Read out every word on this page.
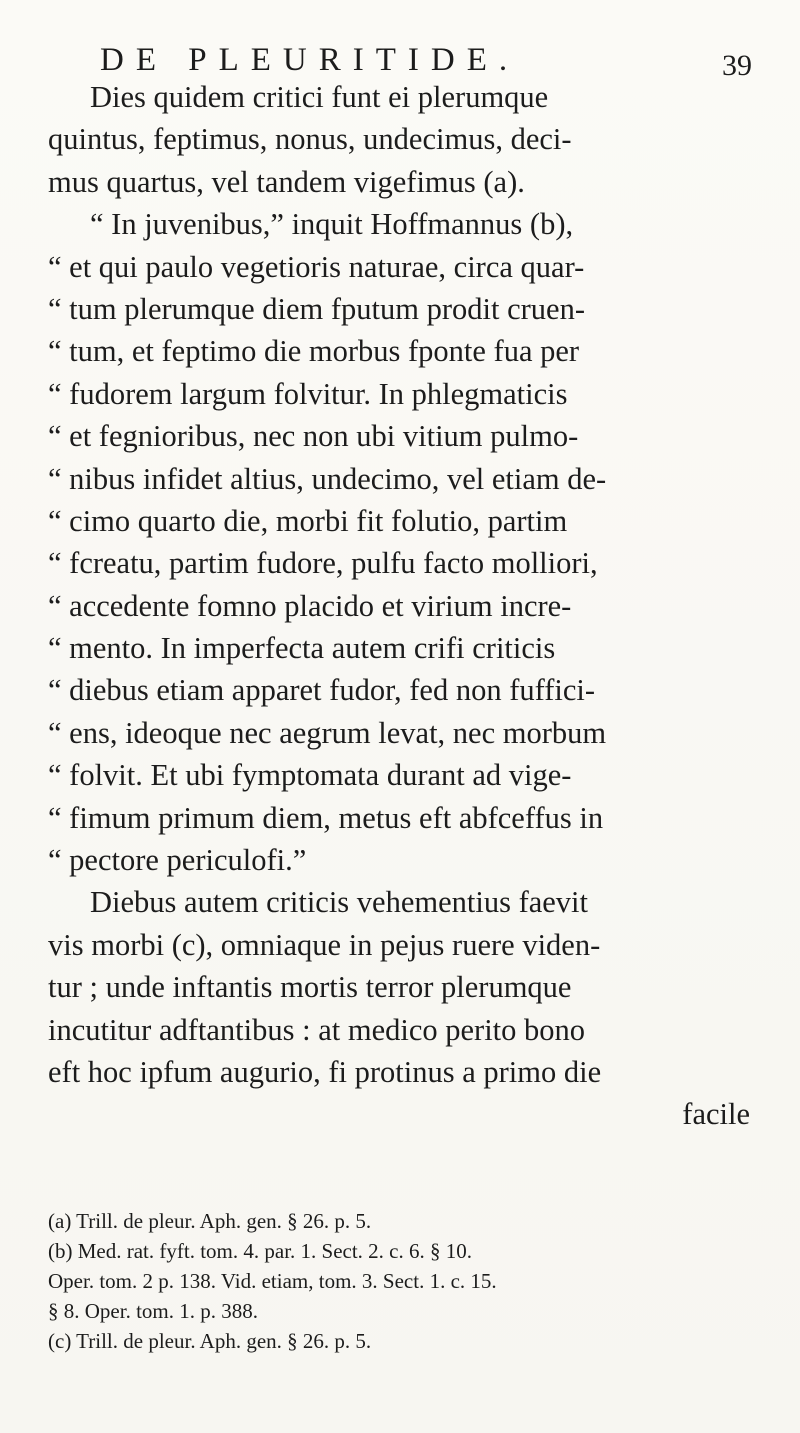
DE PLEURITIDE.	39
Dies quidem critici funt ei plerumque
quintus, feptimus, nonus, undecimus, deci-
mus quartus, vel tandem vigefimus (a).
“ In juvenibus,” inquit Hoffmannus (b),
“ et qui paulo vegetioris naturae, circa quar-
“ tum plerumque diem fputum prodit cruen-
“ tum, et feptimo die morbus fponte fua per
“ fudorem largum folvitur. In phlegmaticis
“ et fegnioribus, nec non ubi vitium pulmo-
“ nibus infidet altius, undecimo, vel etiam de-
“ cimo quarto die, morbi fit folutio, partim
“ fcreatu, partim fudore, pulfu facto molliori,
“ accedente fomno placido et virium incre-
“ mento. In imperfecta autem crifi criticis
“ diebus etiam apparet fudor, fed non fuffici-
“ ens, ideoque nec aegrum levat, nec morbum
“ folvit. Et ubi fymptomata durant ad vige-
“ fimum primum diem, metus eft abfceffus in
“ pectore periculofi.”
Diebus autem criticis vehementius faevit
vis morbi (c), omniaque in pejus ruere viden-
tur ; unde inftantis mortis terror plerumque
incutitur adftantibus : at medico perito bono
eft hoc ipfum augurio, fi protinus a primo die
facile
(a) Trill. de pleur. Aph. gen. § 26. p. 5.
(b) Med. rat. fyft. tom. 4. par. 1. Sect. 2. c. 6. § 10.
Oper. tom. 2 p. 138. Vid. etiam, tom. 3. Sect. 1. c. 15.
§ 8. Oper. tom. 1. p. 388.
(c) Trill. de pleur. Aph. gen. § 26. p. 5.
